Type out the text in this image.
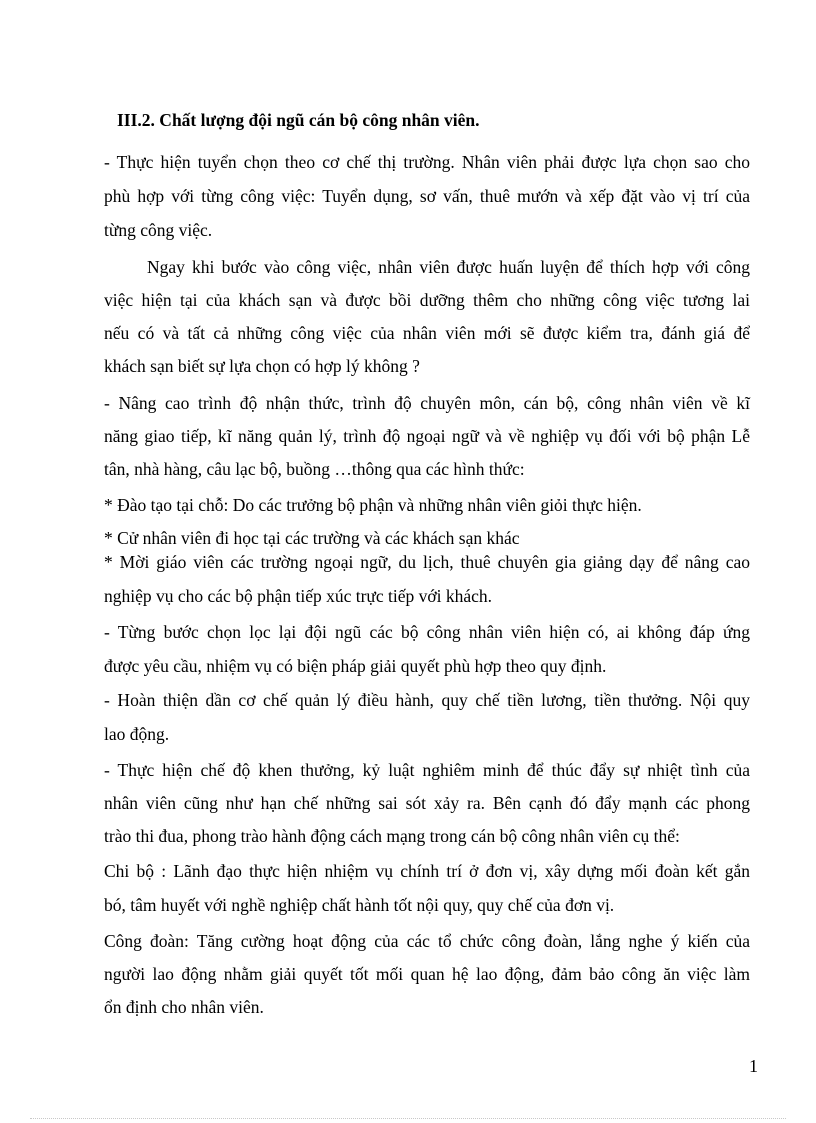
III.2. Chất lượng đội ngũ cán bộ công nhân viên.
- Thực hiện tuyển chọn theo cơ chế thị trường. Nhân viên phải được lựa chọn sao cho
phù hợp với từng công việc: Tuyển dụng, sơ vấn, thuê mướn và xếp đặt vào vị trí của
từng công việc.
Ngay khi bước vào công việc, nhân viên được huấn luyện để thích hợp với công
việc hiện tại của khách sạn và được bồi dưỡng thêm cho những công việc tương lai
nếu có và tất cả những công việc của nhân viên mới sẽ được kiểm tra, đánh giá để
khách sạn biết sự lựa chọn có hợp lý không ?
- Nâng cao trình độ nhận thức, trình độ chuyên môn, cán bộ, công nhân viên về kĩ
năng giao tiếp, kĩ năng quản lý, trình độ ngoại ngữ và về nghiệp vụ đối với bộ phận Lễ
tân, nhà hàng, câu lạc bộ, buồng …thông qua các hình thức:
* Đào tạo tại chỗ: Do các trưởng bộ phận và những nhân viên giỏi thực hiện.
* Cử nhân viên đi học tại các trường và các khách sạn khác
* Mời giáo viên các trường ngoại ngữ, du lịch, thuê chuyên gia giảng dạy để nâng cao
nghiệp vụ cho các bộ phận tiếp xúc trực tiếp với khách.
- Từng bước chọn lọc lại đội ngũ các bộ công nhân viên hiện có, ai không đáp ứng
được yêu cầu, nhiệm vụ có biện pháp giải quyết phù hợp theo quy định.
- Hoàn thiện dần cơ chế quản lý điều hành, quy chế tiền lương, tiền thưởng. Nội quy
lao động.
- Thực hiện chế độ khen thưởng, kỷ luật nghiêm minh để thúc đẩy sự nhiệt tình của
nhân viên cũng như hạn chế những sai sót xảy ra. Bên cạnh đó đẩy mạnh các phong
trào thi đua, phong trào hành động cách mạng trong cán bộ công nhân viên cụ thể:
Chi bộ : Lãnh đạo thực hiện nhiệm vụ chính trí ở đơn vị, xây dựng mối đoàn kết gắn
bó, tâm huyết với nghề nghiệp chất hành tốt nội quy, quy chế của đơn vị.
Công đoàn: Tăng cường hoạt động của các tổ chức công đoàn, lắng nghe ý kiến của
người lao động nhằm giải quyết tốt mối quan hệ lao động, đảm bảo công ăn việc làm
ổn định cho nhân viên.
1
